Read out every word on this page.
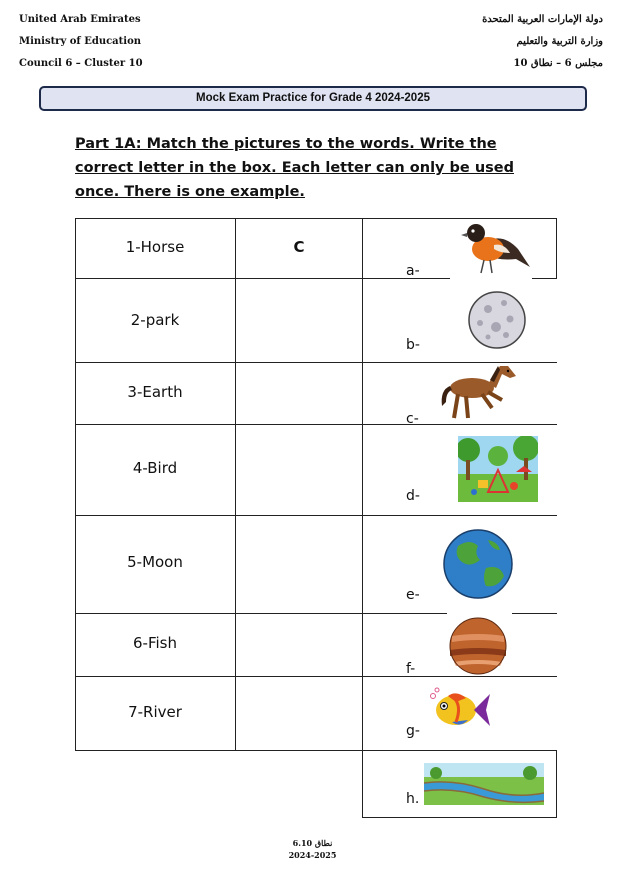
United Arab Emirates
Ministry of Education
Council 6 – Cluster 10
دولة الإمارات العربية المتحدة
وزارة التربية والتعليم
مجلس 6 – نطاق 10
Mock Exam Practice for Grade 4 2024-2025
Part 1A: Match the pictures to the words. Write the correct letter in the box. Each letter can only be used once. There is one example.
1-Horse
2-park
3-Earth
4-Bird
5-Moon
6-Fish
7-River
C
a-
b-
c-
d-
e-
f-
g-
h.
نطاق 6.10
2024-2025
